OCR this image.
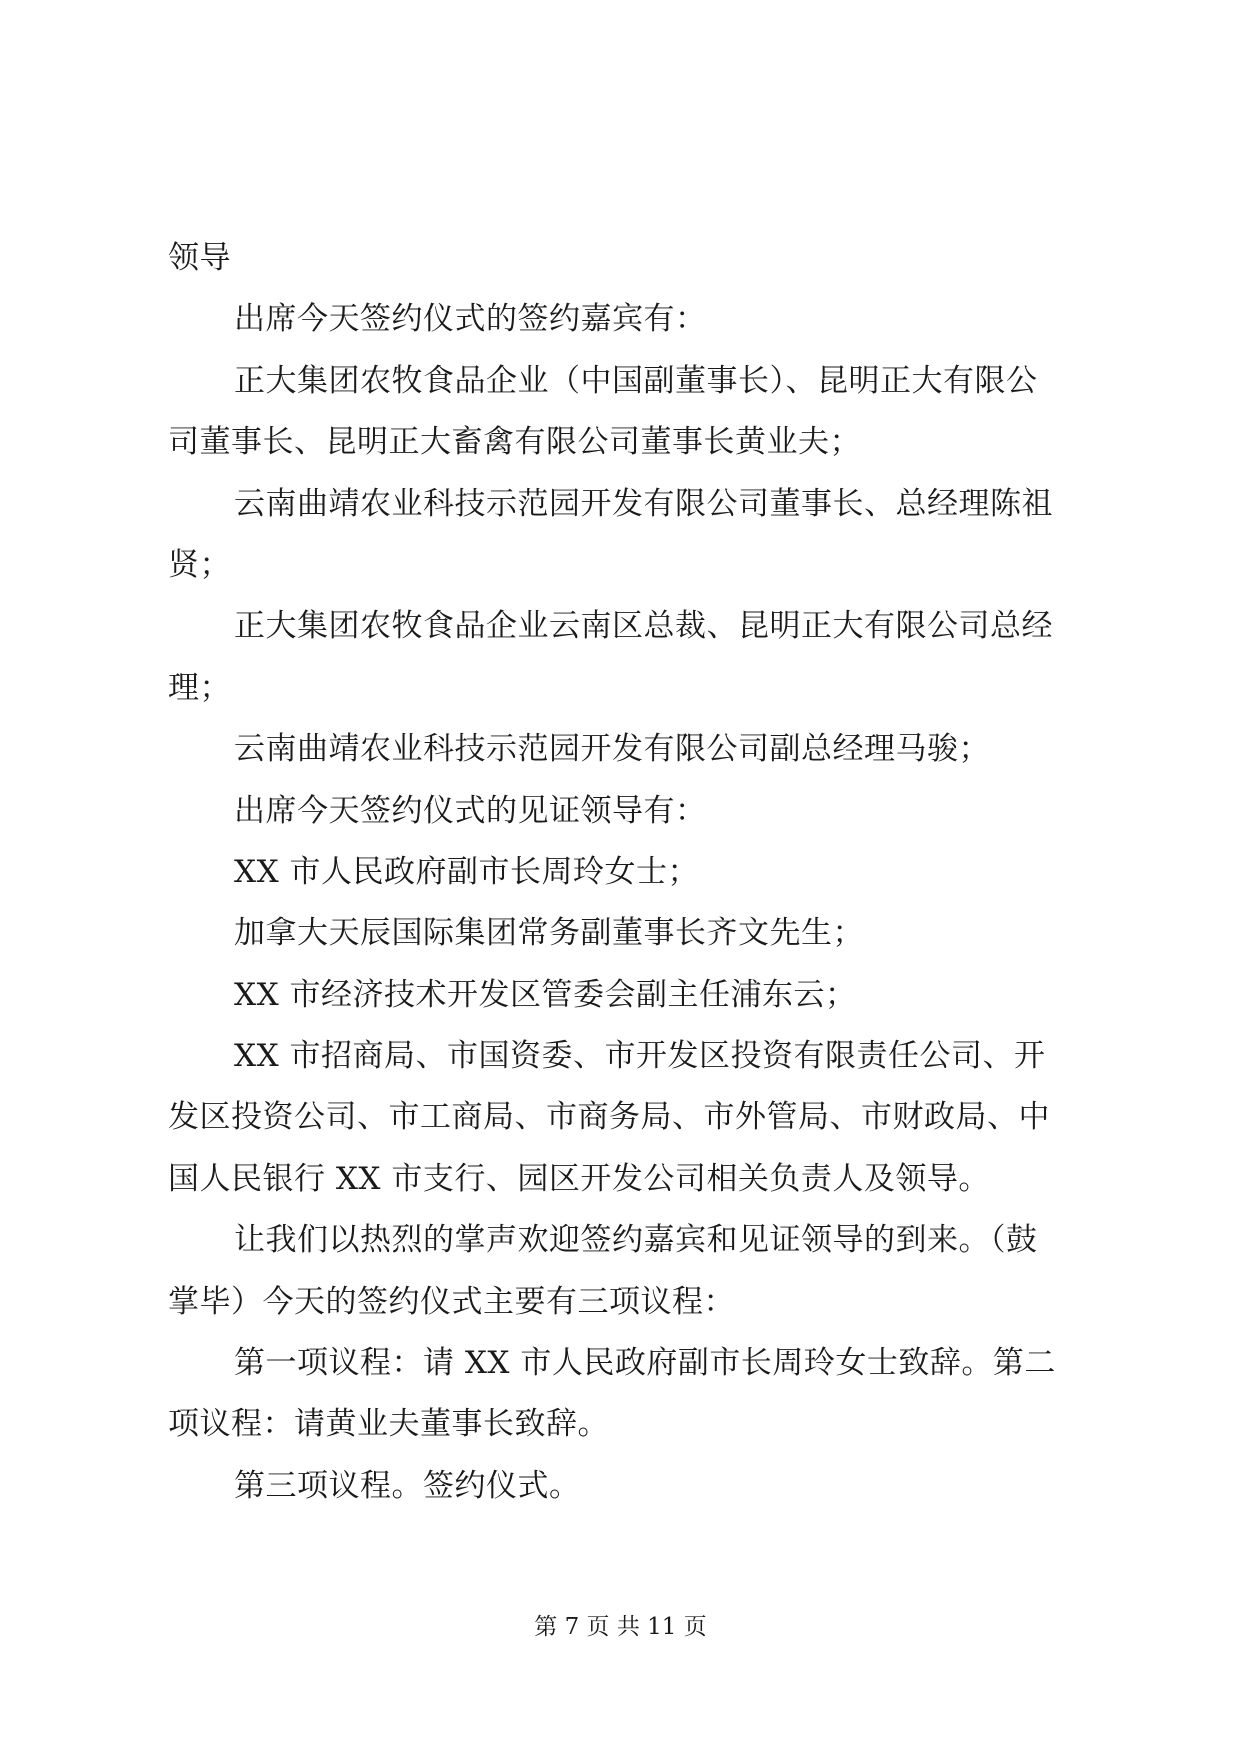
领导
出席今天签约仪式的签约嘉宾有：
正大集团农牧食品企业（中国副董事长）、昆明正大有限公
司董事长、昆明正大畜禽有限公司董事长黄业夫；
云南曲靖农业科技示范园开发有限公司董事长、总经理陈祖
贤；
正大集团农牧食品企业云南区总裁、昆明正大有限公司总经
理；
云南曲靖农业科技示范园开发有限公司副总经理马骏；
出席今天签约仪式的见证领导有：
XX 市人民政府副市长周玲女士；
加拿大天辰国际集团常务副董事长齐文先生；
XX 市经济技术开发区管委会副主任浦东云；
XX 市招商局、市国资委、市开发区投资有限责任公司、开
发区投资公司、市工商局、市商务局、市外管局、市财政局、中
国人民银行 XX 市支行、园区开发公司相关负责人及领导。
让我们以热烈的掌声欢迎签约嘉宾和见证领导的到来。（鼓
掌毕）今天的签约仪式主要有三项议程：
第一项议程：请 XX 市人民政府副市长周玲女士致辞。第二
项议程：请黄业夫董事长致辞。
第三项议程。签约仪式。
第 7 页 共 11 页
